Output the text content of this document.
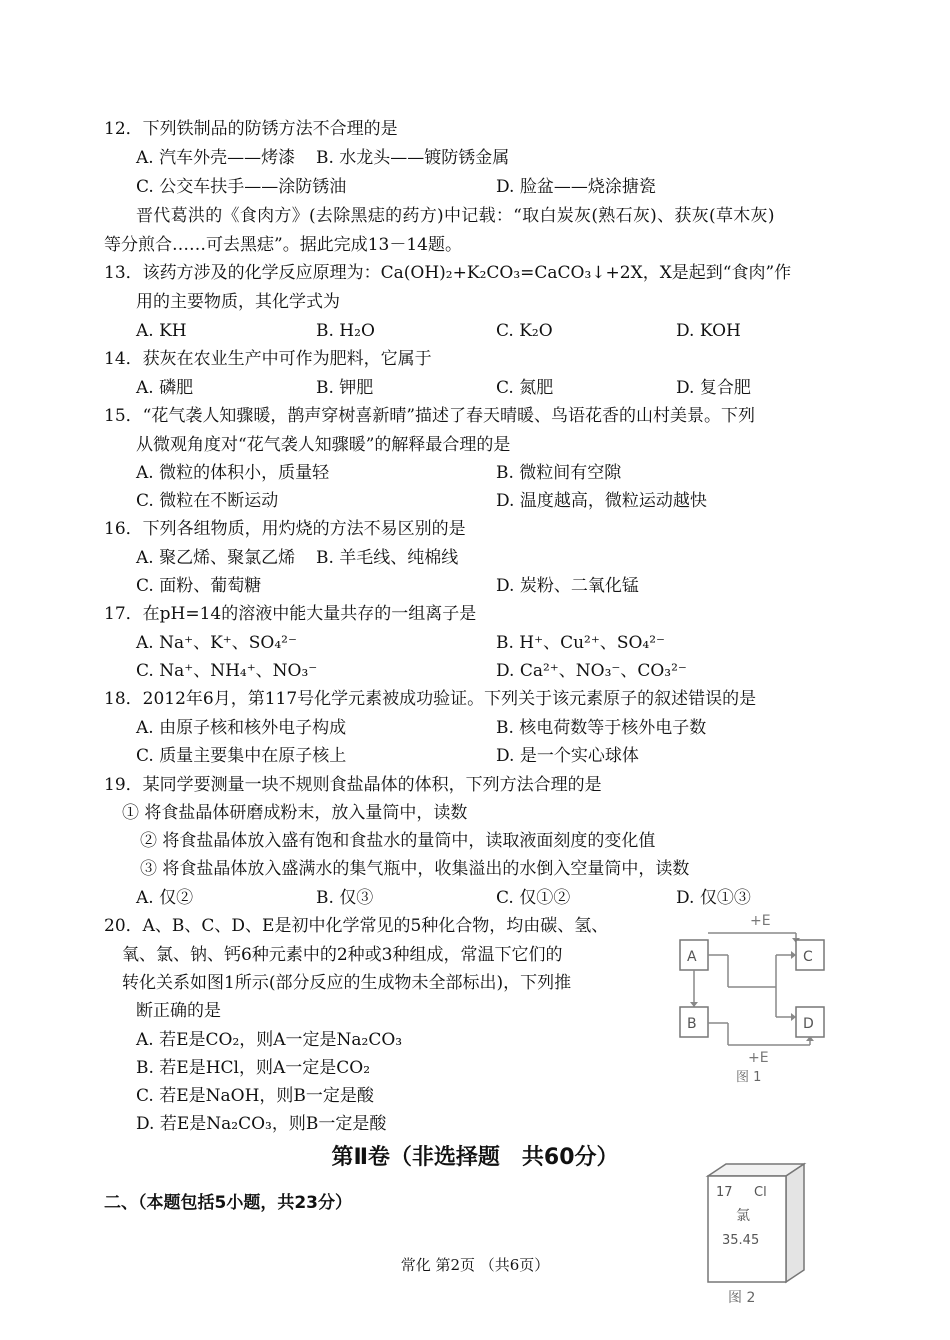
12．下列铁制品的防锈方法不合理的是
A. 汽车外壳——烤漆 B. 水龙头——镀防锈金属
C. 公交车扶手——涂防锈油	D. 脸盆——烧涂搪瓷
晋代葛洪的《食肉方》(去除黑痣的药方)中记载：“取白炭灰(熟石灰)、获灰(草木灰)
等分煎合……可去黑痣”。据此完成13－14题。
13．该药方涉及的化学反应原理为：Ca(OH)₂+K₂CO₃=CaCO₃↓+2X，X是起到“食肉”作
用的主要物质，其化学式为
A. KH	B. H₂O	C. K₂O	D. KOH
14．获灰在农业生产中可作为肥料，它属于
A. 磷肥	B. 钾肥	C. 氮肥	D. 复合肥
15．“花气袭人知骤暖，鹊声穿树喜新晴”描述了春天晴暖、鸟语花香的山村美景。下列
从微观角度对“花气袭人知骤暖”的解释最合理的是
A. 微粒的体积小，质量轻	B. 微粒间有空隙
C. 微粒在不断运动	D. 温度越高，微粒运动越快
16．下列各组物质，用灼烧的方法不易区别的是
A. 聚乙烯、聚氯乙烯 B. 羊毛线、纯棉线
C. 面粉、葡萄糖	D. 炭粉、二氧化锰
17．在pH=14的溶液中能大量共存的一组离子是
A. Na⁺、K⁺、SO₄²⁻	B. H⁺、Cu²⁺、SO₄²⁻
C. Na⁺、NH₄⁺、NO₃⁻	D. Ca²⁺、NO₃⁻、CO₃²⁻
18．2012年6月，第117号化学元素被成功验证。下列关于该元素原子的叙述错误的是
A. 由原子核和核外电子构成	B. 核电荷数等于核外电子数
C. 质量主要集中在原子核上	D. 是一个实心球体
19．某同学要测量一块不规则食盐晶体的体积，下列方法合理的是
① 将食盐晶体研磨成粉末，放入量筒中，读数
② 将食盐晶体放入盛有饱和食盐水的量筒中，读取液面刻度的变化值
③ 将食盐晶体放入盛满水的集气瓶中，收集溢出的水倒入空量筒中，读数
A. 仅②	B. 仅③	C. 仅①②	D. 仅①③
20．A、B、C、D、E是初中化学常见的5种化合物，均由碳、氢、
氧、氯、钠、钙6种元素中的2种或3种组成，常温下它们的
转化关系如图1所示(部分反应的生成物未全部标出)，下列推
断正确的是
A. 若E是CO₂，则A一定是Na₂CO₃
B. 若E是HCl，则A一定是CO₂
C. 若E是NaOH，则B一定是酸
D. 若E是Na₂CO₃，则B一定是酸
+E
A	C
B	D
+E
图 1
第Ⅱ卷（非选择题　共60分）
二、（本题包括5小题，共23分）
17 Cl
氯
35.45
图 2
常化 第2页 （共6页）
